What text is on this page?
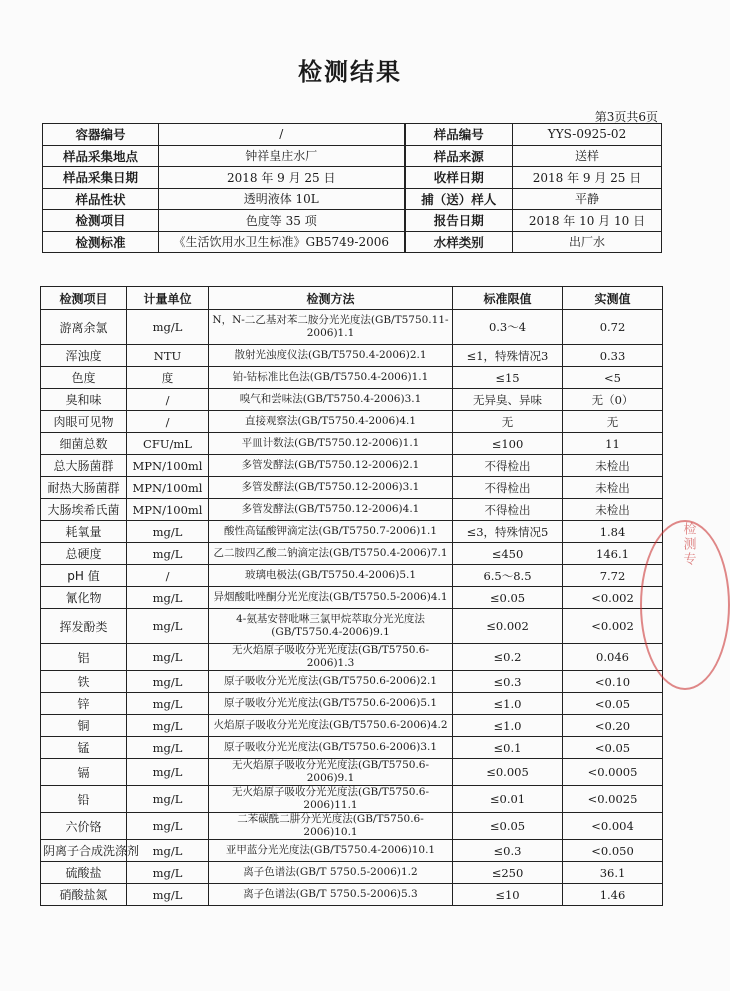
检测结果
第3页共6页
容器编号	/	样品编号	YYS-0925-02
样品采集地点	钟祥皇庄水厂	样品来源	送样
样品采集日期	2018 年 9 月 25 日	收样日期	2018 年 9 月 25 日
样品性状	透明液体 10L	捕（送）样人	平静
检测项目	色度等 35 项	报告日期	2018 年 10 月 10 日
检测标准	《生活饮用水卫生标准》GB5749-2006	水样类别	出厂水
检测项目	计量单位	检测方法	标准限值	实测值
游离余氯	mg/L	N，N-二乙基对苯二胺分光光度法(GB/T5750.11-2006)1.1	0.3～4	0.72
浑浊度	NTU	散射光浊度仪法(GB/T5750.4-2006)2.1	≤1，特殊情况3	0.33
色度	度	铂-钴标准比色法(GB/T5750.4-2006)1.1	≤15	<5
臭和味	/	嗅气和尝味法(GB/T5750.4-2006)3.1	无异臭、异味	无（0）
肉眼可见物	/	直接观察法(GB/T5750.4-2006)4.1	无	无
细菌总数	CFU/mL	平皿计数法(GB/T5750.12-2006)1.1	≤100	11
总大肠菌群	MPN/100ml	多管发酵法(GB/T5750.12-2006)2.1	不得检出	未检出
耐热大肠菌群	MPN/100ml	多管发酵法(GB/T5750.12-2006)3.1	不得检出	未检出
大肠埃希氏菌	MPN/100ml	多管发酵法(GB/T5750.12-2006)4.1	不得检出	未检出
耗氧量	mg/L	酸性高锰酸钾滴定法(GB/T5750.7-2006)1.1	≤3，特殊情况5	1.84
总硬度	mg/L	乙二胺四乙酸二钠滴定法(GB/T5750.4-2006)7.1	≤450	146.1
pH 值	/	玻璃电极法(GB/T5750.4-2006)5.1	6.5～8.5	7.72
氰化物	mg/L	异烟酸吡唑酮分光光度法(GB/T5750.5-2006)4.1	≤0.05	<0.002
挥发酚类	mg/L	4-氨基安替吡啉三氯甲烷萃取分光光度法(GB/T5750.4-2006)9.1	≤0.002	<0.002
铝	mg/L	无火焰原子吸收分光光度法(GB/T5750.6-2006)1.3	≤0.2	0.046
铁	mg/L	原子吸收分光光度法(GB/T5750.6-2006)2.1	≤0.3	<0.10
锌	mg/L	原子吸收分光光度法(GB/T5750.6-2006)5.1	≤1.0	<0.05
铜	mg/L	火焰原子吸收分光光度法(GB/T5750.6-2006)4.2	≤1.0	<0.20
锰	mg/L	原子吸收分光光度法(GB/T5750.6-2006)3.1	≤0.1	<0.05
镉	mg/L	无火焰原子吸收分光光度法(GB/T5750.6-2006)9.1	≤0.005	<0.0005
铅	mg/L	无火焰原子吸收分光光度法(GB/T5750.6-2006)11.1	≤0.01	<0.0025
六价铬	mg/L	二苯碳酰二肼分光光度法(GB/T5750.6-2006)10.1	≤0.05	<0.004
阴离子合成洗涤剂	mg/L	亚甲蓝分光光度法(GB/T5750.4-2006)10.1	≤0.3	<0.050
硫酸盐	mg/L	离子色谱法(GB/T 5750.5-2006)1.2	≤250	36.1
硝酸盐氮	mg/L	离子色谱法(GB/T 5750.5-2006)5.3	≤10	1.46
检测专
